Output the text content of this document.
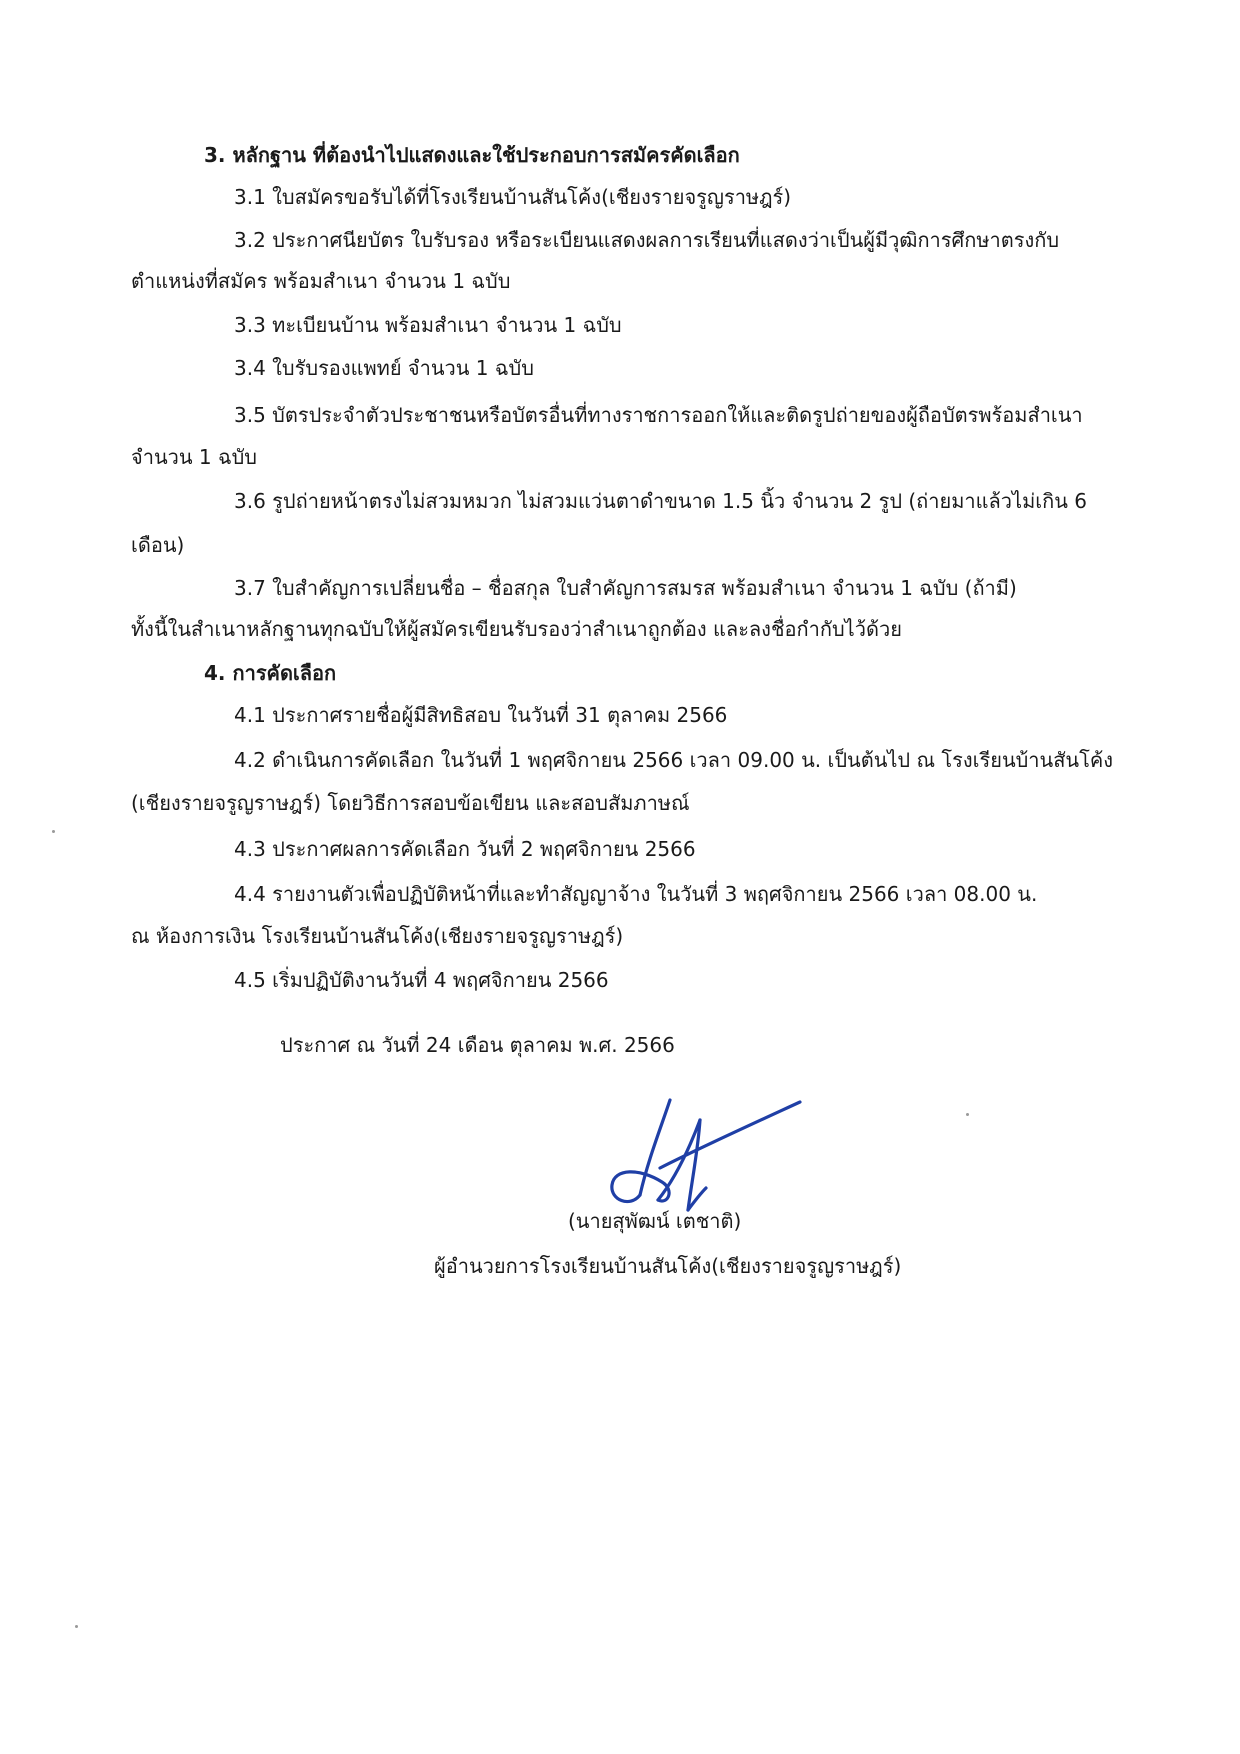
3. หลักฐาน ที่ต้องนำไปแสดงและใช้ประกอบการสมัครคัดเลือก
3.1 ใบสมัครขอรับได้ที่โรงเรียนบ้านสันโค้ง(เชียงรายจรูญราษฎร์)
3.2 ประกาศนียบัตร ใบรับรอง หรือระเบียนแสดงผลการเรียนที่แสดงว่าเป็นผู้มีวุฒิการศึกษาตรงกับ
ตำแหน่งที่สมัคร พร้อมสำเนา จำนวน 1 ฉบับ
3.3 ทะเบียนบ้าน พร้อมสำเนา จำนวน 1 ฉบับ
3.4 ใบรับรองแพทย์ จำนวน 1 ฉบับ
3.5 บัตรประจำตัวประชาชนหรือบัตรอื่นที่ทางราชการออกให้และติดรูปถ่ายของผู้ถือบัตรพร้อมสำเนา
จำนวน 1 ฉบับ
3.6 รูปถ่ายหน้าตรงไม่สวมหมวก ไม่สวมแว่นตาดำขนาด 1.5 นิ้ว จำนวน 2 รูป (ถ่ายมาแล้วไม่เกิน 6
เดือน)
3.7 ใบสำคัญการเปลี่ยนชื่อ – ชื่อสกุล ใบสำคัญการสมรส พร้อมสำเนา จำนวน 1 ฉบับ (ถ้ามี)
ทั้งนี้ในสำเนาหลักฐานทุกฉบับให้ผู้สมัครเขียนรับรองว่าสำเนาถูกต้อง และลงชื่อกำกับไว้ด้วย
4. การคัดเลือก
4.1 ประกาศรายชื่อผู้มีสิทธิสอบ ในวันที่ 31 ตุลาคม 2566
4.2 ดำเนินการคัดเลือก ในวันที่ 1 พฤศจิกายน 2566 เวลา 09.00 น. เป็นต้นไป ณ โรงเรียนบ้านสันโค้ง
(เชียงรายจรูญราษฎร์) โดยวิธีการสอบข้อเขียน และสอบสัมภาษณ์
4.3 ประกาศผลการคัดเลือก วันที่ 2 พฤศจิกายน 2566
4.4 รายงานตัวเพื่อปฏิบัติหน้าที่และทำสัญญาจ้าง ในวันที่ 3 พฤศจิกายน 2566 เวลา 08.00 น.
ณ ห้องการเงิน โรงเรียนบ้านสันโค้ง(เชียงรายจรูญราษฎร์)
4.5 เริ่มปฏิบัติงานวันที่ 4 พฤศจิกายน 2566
ประกาศ ณ วันที่ 24 เดือน ตุลาคม พ.ศ. 2566
(นายสุพัฒน์ เตชาติ)
ผู้อำนวยการโรงเรียนบ้านสันโค้ง(เชียงรายจรูญราษฎร์)
